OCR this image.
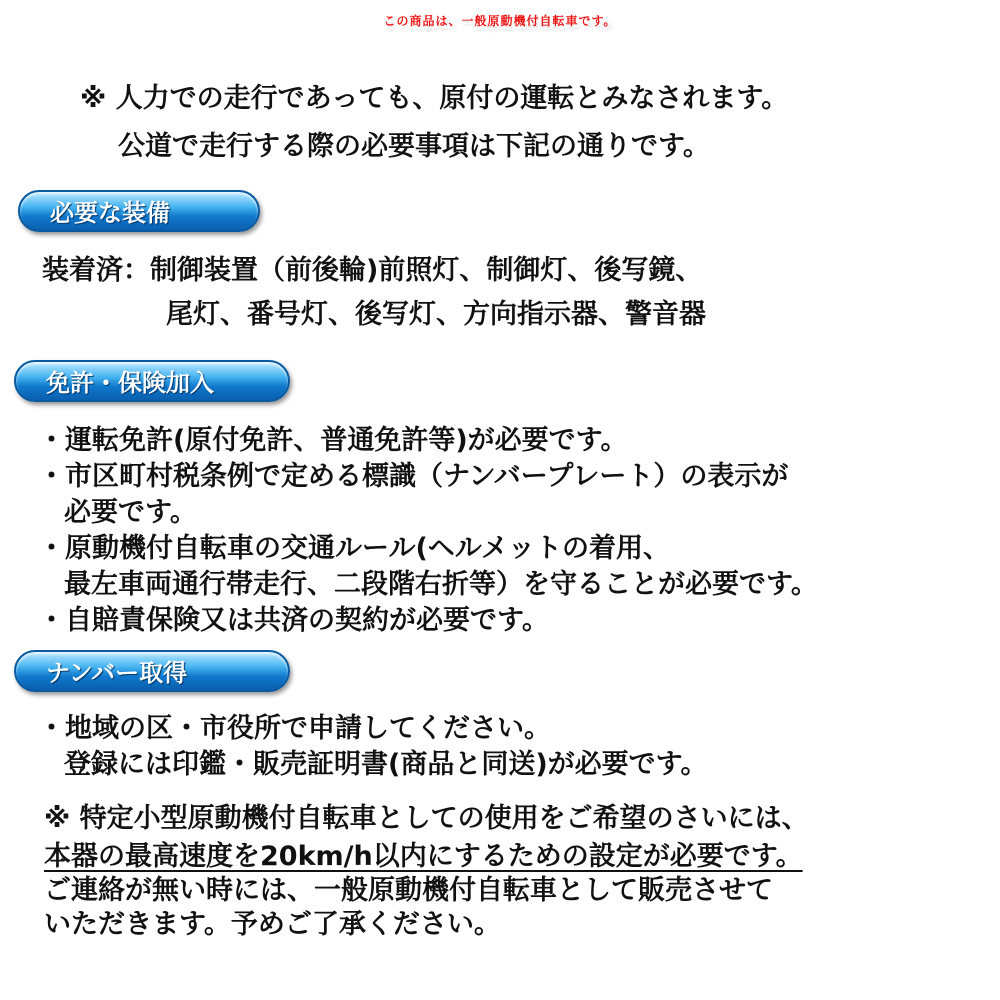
この商品は、一般原動機付自転車です。
※ 人力での走行であっても、原付の運転とみなされます。
公道で走行する際の必要事項は下記の通りです。
必要な装備
装着済：制御装置（前後輪)前照灯、制御灯、後写鏡、
尾灯、番号灯、後写灯、方向指示器、警音器
免許・保険加入
・運転免許(原付免許、普通免許等)が必要です。
・市区町村税条例で定める標識（ナンバープレート）の表示が
必要です。
・原動機付自転車の交通ルール(ヘルメットの着用、
最左車両通行帯走行、二段階右折等）を守ることが必要です。
・自賠責保険又は共済の契約が必要です。
ナンバー取得
・地域の区・市役所で申請してください。
登録には印鑑・販売証明書(商品と同送)が必要です。
※ 特定小型原動機付自転車としての使用をご希望のさいには、
本器の最高速度を20km/h以内にするための設定が必要です。
ご連絡が無い時には、一般原動機付自転車として販売させて
いただきます。予めご了承ください。
